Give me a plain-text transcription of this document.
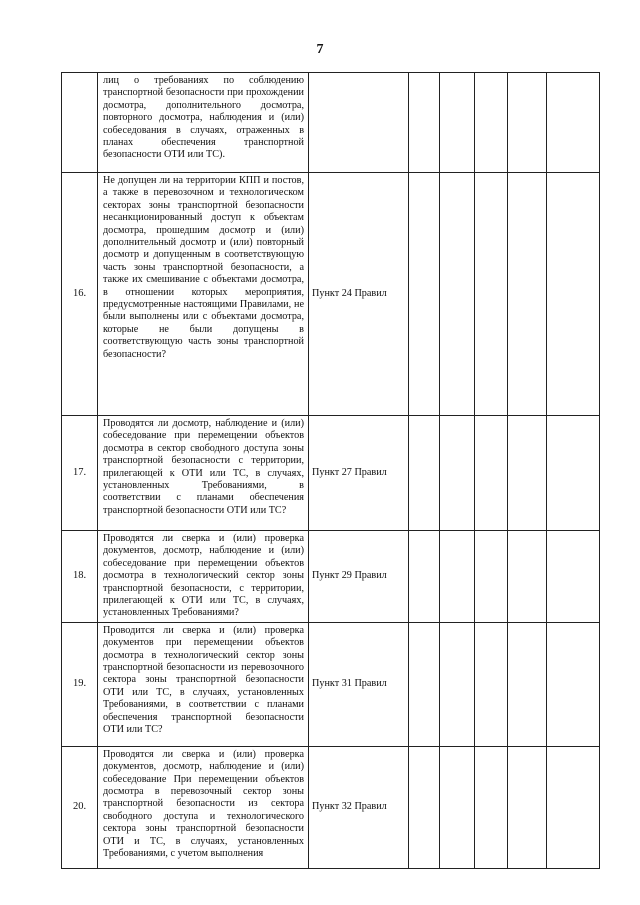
7

	лиц о требованиях по соблюдению транспортной безопасности при прохождении досмотра, дополнительного досмотра, повторного досмотра, наблюдения и (или) собеседования в случаях, отраженных в планах обеспечения транспортной безопасности ОТИ или ТС).						

16.	Не допущен ли на территории КПП и постов, а также в перевозочном и технологическом секторах зоны транспортной безопасности несанкционированный доступ к объектам досмотра, прошедшим досмотр и (или) дополнительный досмотр и (или) повторный досмотр и допущенным в соответствующую часть зоны транспортной безопасности, а также их смешивание с объектами досмотра, в отношении которых мероприятия, предусмотренные настоящими Правилами, не были выполнены или с объектами досмотра, которые не были допущены в соответствующую часть зоны транспортной безопасности?	Пункт 24 Правил					
17.	Проводятся ли досмотр, наблюдение и (или) собеседование при перемещении объектов досмотра в сектор свободного доступа зоны транспортной безопасности с территории, прилегающей к ОТИ или ТС, в случаях, установленных Требованиями, в соответствии с планами обеспечения транспортной безопасности ОТИ или ТС?	Пункт 27 Правил					
18.	Проводятся ли сверка и (или) проверка документов, досмотр, наблюдение и (или) собеседование при перемещении объектов досмотра в технологический сектор зоны транспортной безопасности, с территории, прилегающей к ОТИ или ТС, в случаях, установленных Требованиями?	Пункт 29 Правил					
19.	Проводится ли сверка и (или) проверка документов при перемещении объектов досмотра в технологический сектор зоны транспортной безопасности из перевозочного сектора зоны транспортной безопасности ОТИ или ТС, в случаях, установленных Требованиями, в соответствии с планами обеспечения транспортной безопасности ОТИ или ТС?	Пункт 31 Правил					
20.	Проводятся ли сверка и (или) проверка документов, досмотр, наблюдение и (или) собеседование При перемещении объектов досмотра в перевозочный сектор зоны транспортной безопасности из сектора свободного доступа и технологического сектора зоны транспортной безопасности ОТИ и ТС, в случаях, установленных Требованиями, с учетом выполнения	Пункт 32 Правил					
